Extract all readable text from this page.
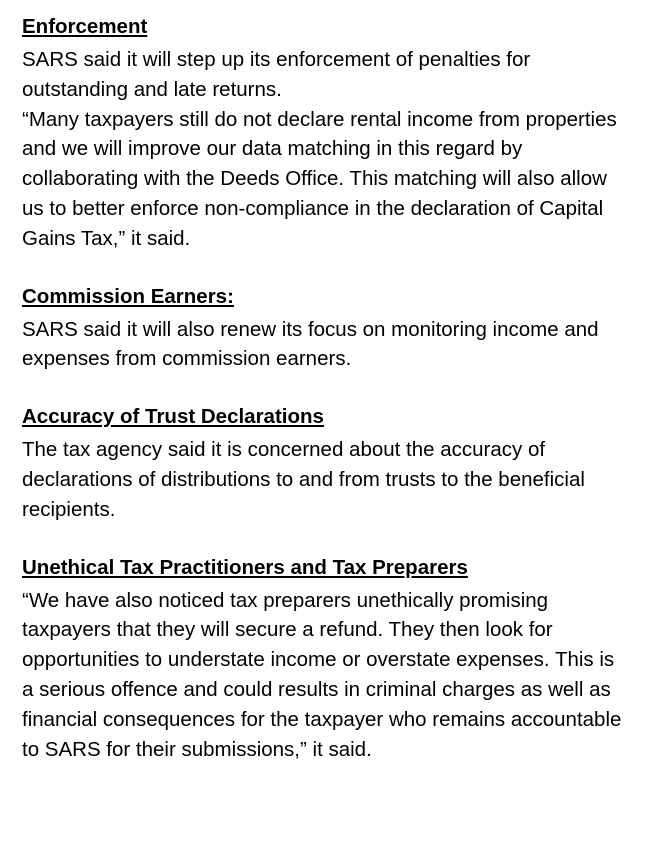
Enforcement

SARS said it will step up its enforcement of penalties for outstanding and late returns.

“Many taxpayers still do not declare rental income from properties and we will improve our data matching in this regard by collaborating with the Deeds Office. This matching will also allow us to better enforce non-compliance in the declaration of Capital Gains Tax,” it said.

Commission Earners:

SARS said it will also renew its focus on monitoring income and expenses from commission earners.

Accuracy of Trust Declarations

The tax agency said it is concerned about the accuracy of declarations of distributions to and from trusts to the beneficial recipients.

Unethical Tax Practitioners and Tax Preparers

“We have also noticed tax preparers unethically promising taxpayers that they will secure a refund. They then look for opportunities to understate income or overstate expenses. This is a serious offence and could results in criminal charges as well as financial consequences for the taxpayer who remains accountable to SARS for their submissions,” it said.
